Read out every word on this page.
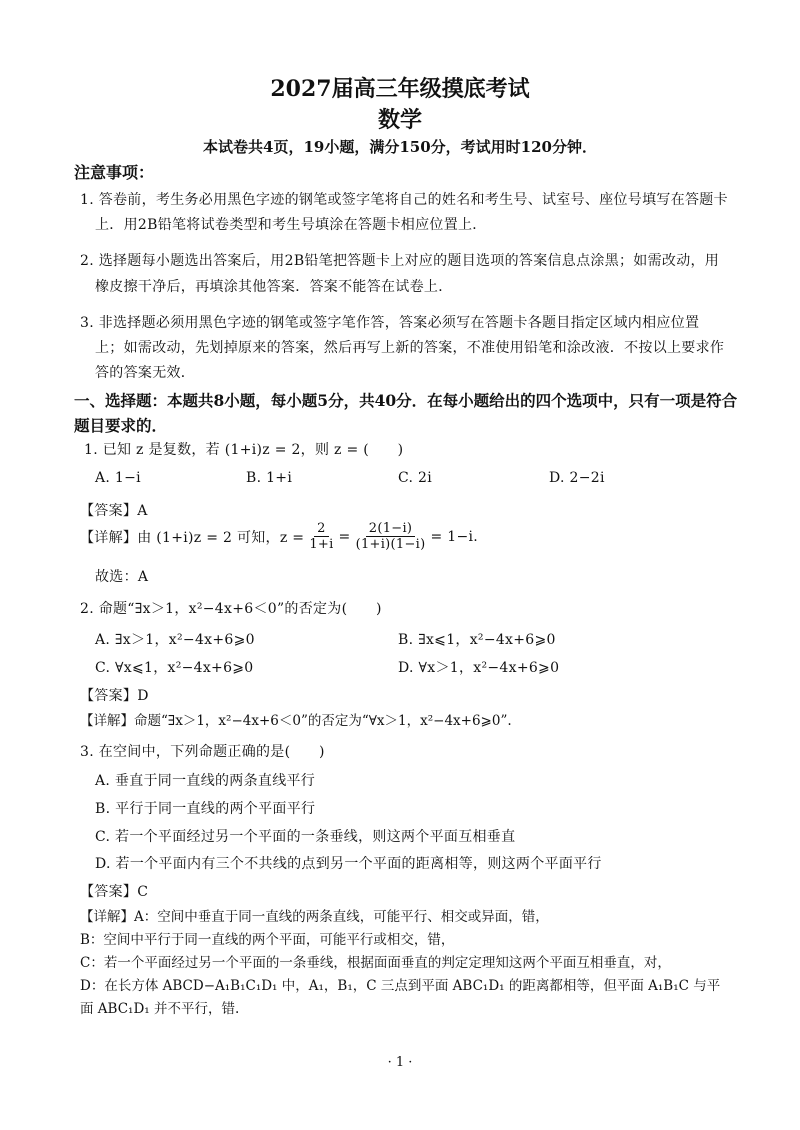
2027届高三年级摸底考试
数学
本试卷共4页，19小题，满分150分，考试用时120分钟．
注意事项：
1. 答卷前，考生务必用黑色字迹的钢笔或签字笔将自己的姓名和考生号、试室号、座位号填写在答题卡
上．用2B铅笔将试卷类型和考生号填涂在答题卡相应位置上．
2. 选择题每小题选出答案后，用2B铅笔把答题卡上对应的题目选项的答案信息点涂黑；如需改动，用
橡皮擦干净后，再填涂其他答案．答案不能答在试卷上．
3. 非选择题必须用黑色字迹的钢笔或签字笔作答，答案必须写在答题卡各题目指定区域内相应位置
上；如需改动，先划掉原来的答案，然后再写上新的答案，不准使用铅笔和涂改液．不按以上要求作
答的答案无效．
一、选择题：本题共8小题，每小题5分，共40分．在每小题给出的四个选项中，只有一项是符合
题目要求的．
1. 已知 z 是复数，若 (1+i)z = 2，则 z = (　　)
A. 1−i	B. 1+i	C. 2i	D. 2−2i
【答案】A
【详解】由 (1+i)z = 2 可知，$z = \frac{2}{1+i} = \frac{2(1-i)}{(1+i)(1-i)} = 1-i$.
故选：A
2. 命题“∃x＞1，x²−4x+6＜0”的否定为(　　)
A. ∃x＞1，x²−4x+6⩾0	B. ∃x⩽1，x²−4x+6⩾0
C. ∀x⩽1，x²−4x+6⩾0	D. ∀x＞1，x²−4x+6⩾0
【答案】D
【详解】命题“∃x＞1，x²−4x+6＜0”的否定为“∀x＞1，x²−4x+6⩾0”.
3. 在空间中，下列命题正确的是(　　)
A. 垂直于同一直线的两条直线平行
B. 平行于同一直线的两个平面平行
C. 若一个平面经过另一个平面的一条垂线，则这两个平面互相垂直
D. 若一个平面内有三个不共线的点到另一个平面的距离相等，则这两个平面平行
【答案】C
【详解】A：空间中垂直于同一直线的两条直线，可能平行、相交或异面，错，
B：空间中平行于同一直线的两个平面，可能平行或相交，错，
C：若一个平面经过另一个平面的一条垂线，根据面面垂直的判定定理知这两个平面互相垂直，对，
D：在长方体 ABCD−A₁B₁C₁D₁ 中，A₁，B₁，C 三点到平面 ABC₁D₁ 的距离都相等，但平面 A₁B₁C 与平
面 ABC₁D₁ 并不平行，错.
· 1 ·
